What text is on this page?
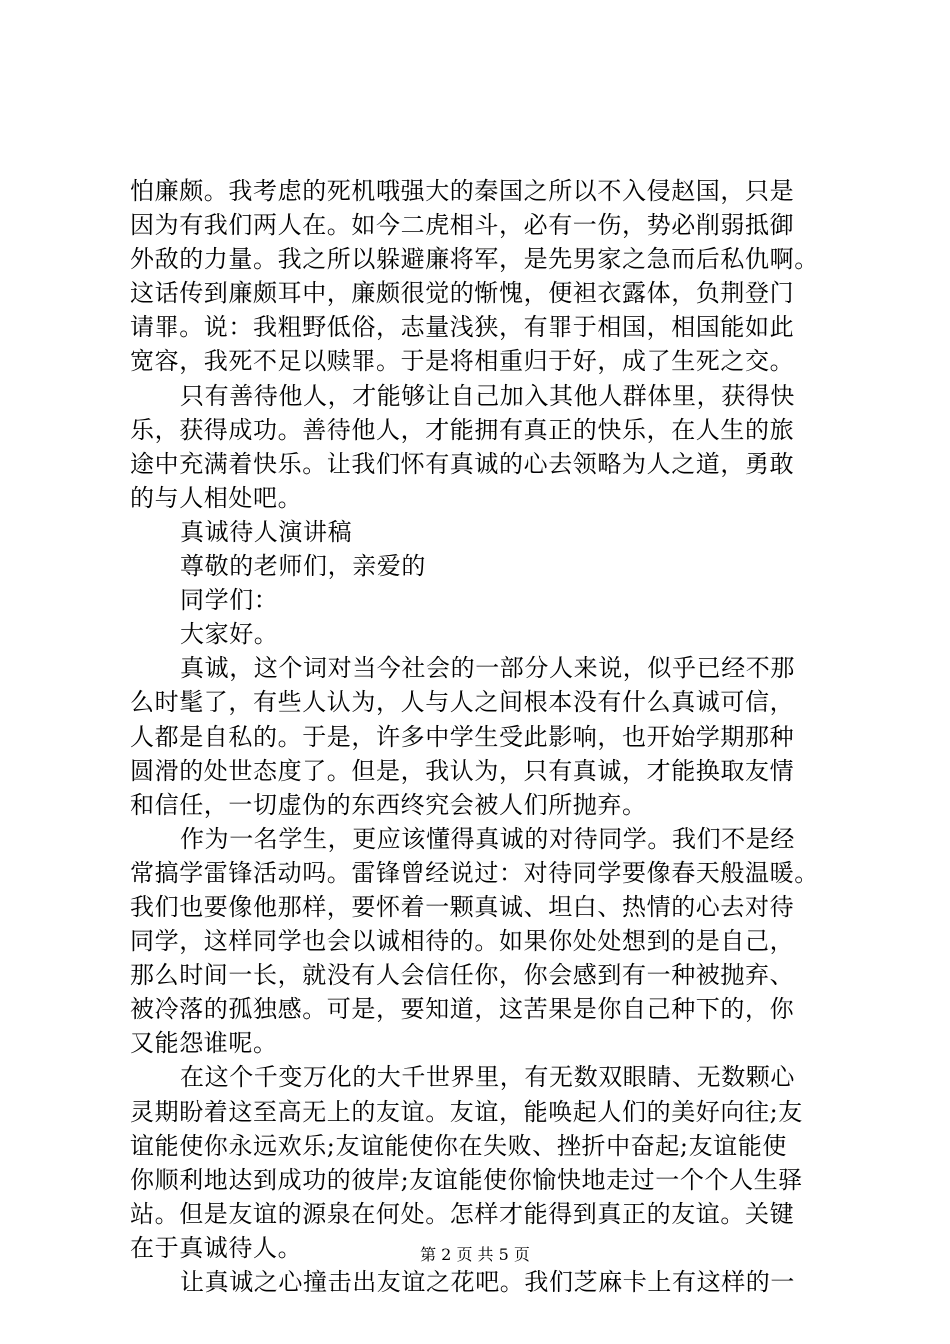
怕廉颇。我考虑的死机哦强大的秦国之所以不入侵赵国，只是
因为有我们两人在。如今二虎相斗，必有一伤，势必削弱抵御
外敌的力量。我之所以躲避廉将军，是先男家之急而后私仇啊。
这话传到廉颇耳中，廉颇很觉的惭愧，便袒衣露体，负荆登门
请罪。说：我粗野低俗，志量浅狭，有罪于相国，相国能如此
宽容，我死不足以赎罪。于是将相重归于好，成了生死之交。
只有善待他人，才能够让自己加入其他人群体里，获得快
乐，获得成功。善待他人，才能拥有真正的快乐，在人生的旅
途中充满着快乐。让我们怀有真诚的心去领略为人之道，勇敢
的与人相处吧。
真诚待人演讲稿
尊敬的老师们，亲爱的
同学们：
大家好。
真诚，这个词对当今社会的一部分人来说，似乎已经不那
么时髦了，有些人认为，人与人之间根本没有什么真诚可信，
人都是自私的。于是，许多中学生受此影响，也开始学期那种
圆滑的处世态度了。但是，我认为，只有真诚，才能换取友情
和信任，一切虚伪的东西终究会被人们所抛弃。
作为一名学生，更应该懂得真诚的对待同学。我们不是经
常搞学雷锋活动吗。雷锋曾经说过：对待同学要像春天般温暖。
我们也要像他那样，要怀着一颗真诚、坦白、热情的心去对待
同学，这样同学也会以诚相待的。如果你处处想到的是自己，
那么时间一长，就没有人会信任你，你会感到有一种被抛弃、
被冷落的孤独感。可是，要知道，这苦果是你自己种下的，你
又能怨谁呢。
在这个千变万化的大千世界里，有无数双眼睛、无数颗心
灵期盼着这至高无上的友谊。友谊，能唤起人们的美好向往;友
谊能使你永远欢乐;友谊能使你在失败、挫折中奋起;友谊能使
你顺利地达到成功的彼岸;友谊能使你愉快地走过一个个人生驿
站。但是友谊的源泉在何处。怎样才能得到真正的友谊。关键
在于真诚待人。
让真诚之心撞击出友谊之花吧。我们芝麻卡上有这样的一
第 2 页 共 5 页
